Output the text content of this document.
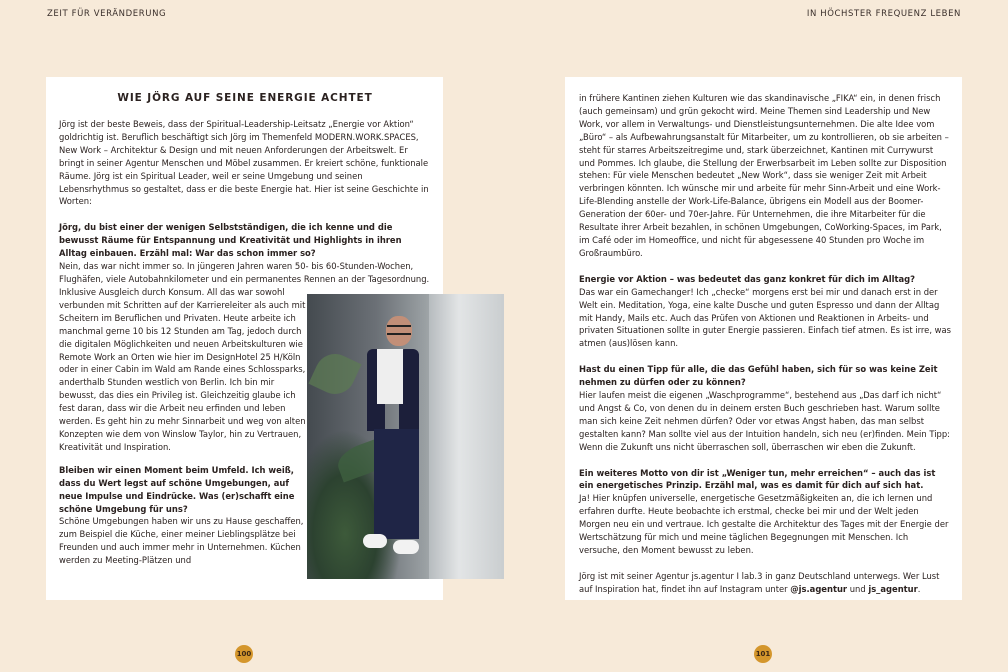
ZEIT FÜR VERÄNDERUNG	IN HÖCHSTER FREQUENZ LEBEN
WIE JÖRG AUF SEINE ENERGIE ACHTET

Jörg ist der beste Beweis, dass der Spiritual-Leadership-Leitsatz „Energie vor Aktion“ goldrichtig ist. Beruflich beschäftigt sich Jörg im Themenfeld MODERN.WORK.SPACES, New Work – Architektur & Design und mit neuen Anforderungen der Arbeitswelt. Er bringt in seiner Agentur Menschen und Möbel zusammen. Er kreiert schöne, funktionale Räume. Jörg ist ein Spiritual Leader, weil er seine Umgebung und seinen Lebensrhythmus so gestaltet, dass er die beste Energie hat. Hier ist seine Geschichte in Worten:

Jörg, du bist einer der wenigen Selbstständigen, die ich kenne und die bewusst Räume für Entspannung und Kreativität und Highlights in ihren Alltag einbauen. Erzähl mal: War das schon immer so?

Nein, das war nicht immer so. In jüngeren Jahren waren 50- bis 60-Stunden-Wochen, Flughäfen, viele Autobahnkilometer und ein permanentes Rennen an der Tagesordnung.

Inklusive Ausgleich durch Konsum. All das war sowohl verbunden mit Schritten auf der Karriereleiter als auch mit Scheitern im Beruflichen und Privaten. Heute arbeite ich manchmal gerne 10 bis 12 Stunden am Tag, jedoch durch die digitalen Möglichkeiten und neuen Arbeitskulturen wie Remote Work an Orten wie hier im DesignHotel 25 H/Köln oder in einer Cabin im Wald am Rande eines Schlossparks, anderthalb Stunden westlich von Berlin. Ich bin mir bewusst, das dies ein Privileg ist. Gleichzeitig glaube ich fest daran, dass wir die Arbeit neu erfinden und leben werden. Es geht hin zu mehr Sinnarbeit und weg von alten Konzepten wie dem von Winslow Taylor, hin zu Vertrauen, Kreativität und Inspiration.

Bleiben wir einen Moment beim Umfeld. Ich weiß, dass du Wert legst auf schöne Umgebungen, auf neue Impulse und Eindrücke. Was (er)schafft eine schöne Umgebung für uns?

Schöne Umgebungen haben wir uns zu Hause geschaffen, zum Beispiel die Küche, einer meiner Lieblingsplätze bei Freunden und auch immer mehr in Unternehmen. Küchen werden zu Meeting-Plätzen und

in frühere Kantinen ziehen Kulturen wie das skandinavische „FIKA“ ein, in denen frisch (auch gemeinsam) und grün gekocht wird. Meine Themen sind Leadership und New Work, vor allem in Verwaltungs- und Dienstleistungsunternehmen. Die alte Idee vom „Büro“ – als Aufbewahrungsanstalt für Mitarbeiter, um zu kontrollieren, ob sie arbeiten – steht für starres Arbeitszeitregime und, stark überzeichnet, Kantinen mit Currywurst und Pommes. Ich glaube, die Stellung der Erwerbsarbeit im Leben sollte zur Disposition stehen: Für viele Menschen bedeutet „New Work“, dass sie weniger Zeit mit Arbeit verbringen könnten. Ich wünsche mir und arbeite für mehr Sinn-Arbeit und eine Work-Life-Blending anstelle der Work-Life-Balance, übrigens ein Modell aus der Boomer-Generation der 60er- und 70er-Jahre. Für Unternehmen, die ihre Mitarbeiter für die Resultate ihrer Arbeit bezahlen, in schönen Umgebungen, CoWorking-Spaces, im Park, im Café oder im Homeoffice, und nicht für abgesessene 40 Stunden pro Woche im Großraumbüro.

Energie vor Aktion – was bedeutet das ganz konkret für dich im Alltag?

Das war ein Gamechanger! Ich „checke“ morgens erst bei mir und danach erst in der Welt ein. Meditation, Yoga, eine kalte Dusche und guten Espresso und dann der Alltag mit Handy, Mails etc. Auch das Prüfen von Aktionen und Reaktionen in Arbeits- und privaten Situationen sollte in guter Energie passieren. Einfach tief atmen. Es ist irre, was atmen (aus)lösen kann.

Hast du einen Tipp für alle, die das Gefühl haben, sich für so was keine Zeit nehmen zu dürfen oder zu können?

Hier laufen meist die eigenen „Waschprogramme“, bestehend aus „Das darf ich nicht“ und Angst & Co, von denen du in deinem ersten Buch geschrieben hast. Warum sollte man sich keine Zeit nehmen dürfen? Oder vor etwas Angst haben, das man selbst gestalten kann? Man sollte viel aus der Intuition handeln, sich neu (er)finden. Mein Tipp: Wenn die Zukunft uns nicht überraschen soll, überraschen wir eben die Zukunft.

Ein weiteres Motto von dir ist „Weniger tun, mehr erreichen“ – auch das ist ein energetisches Prinzip. Erzähl mal, was es damit für dich auf sich hat.

Ja! Hier knüpfen universelle, energetische Gesetzmäßigkeiten an, die ich lernen und erfahren durfte. Heute beobachte ich erstmal, checke bei mir und der Welt jeden Morgen neu ein und vertraue. Ich gestalte die Architektur des Tages mit der Energie der Wertschätzung für mich und meine täglichen Begegnungen mit Menschen. Ich versuche, den Moment bewusst zu leben.

Jörg ist mit seiner Agentur js.agentur I lab.3 in ganz Deutschland unterwegs. Wer Lust auf Inspiration hat, findet ihn auf Instagram unter @js.agentur und js_agentur.

100	101
